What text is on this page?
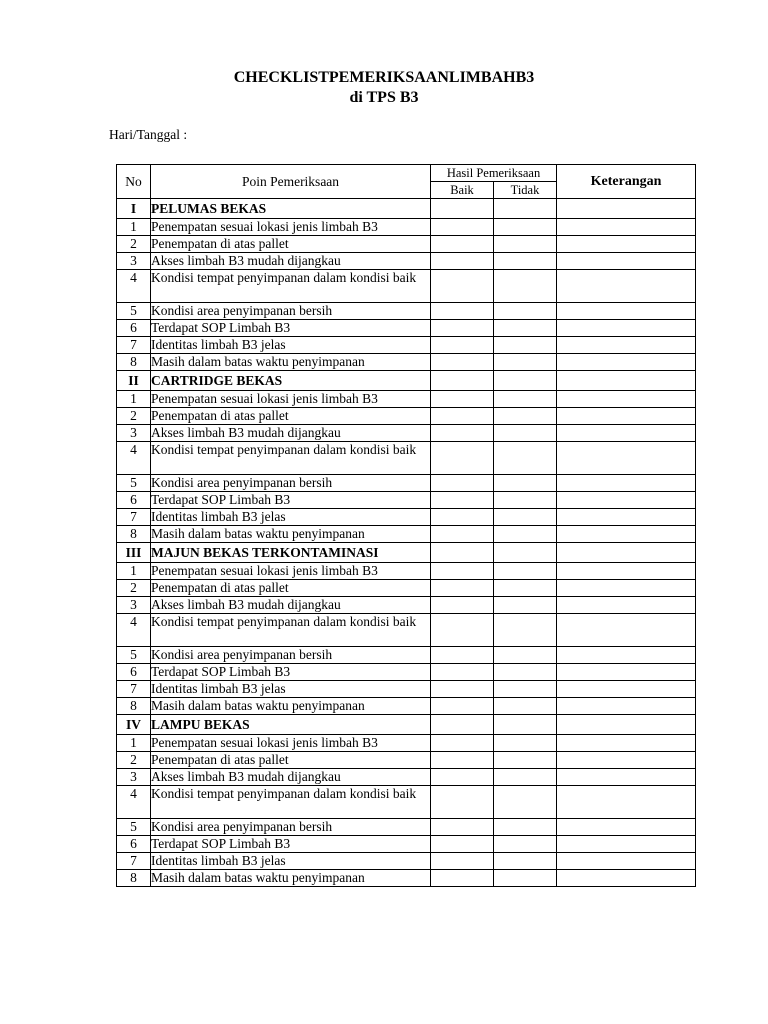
CHECKLISTPEMERIKSAANLIMBAHB3
di TPS B3
Hari/Tanggal :
No	Poin Pemeriksaan	Hasil Pemeriksaan		Keterangan
		Baik	Tidak	
I	PELUMAS BEKAS			
1	Penempatan sesuai lokasi jenis limbah B3			
2	Penempatan di atas pallet			
3	Akses limbah B3 mudah dijangkau			
4	Kondisi tempat penyimpanan dalam kondisi baik			
5	Kondisi area penyimpanan bersih			
6	Terdapat SOP Limbah B3			
7	Identitas limbah B3 jelas			
8	Masih dalam batas waktu penyimpanan			
II	CARTRIDGE BEKAS			
1	Penempatan sesuai lokasi jenis limbah B3			
2	Penempatan di atas pallet			
3	Akses limbah B3 mudah dijangkau			
4	Kondisi tempat penyimpanan dalam kondisi baik			
5	Kondisi area penyimpanan bersih			
6	Terdapat SOP Limbah B3			
7	Identitas limbah B3 jelas			
8	Masih dalam batas waktu penyimpanan			
III	MAJUN BEKAS TERKONTAMINASI			
1	Penempatan sesuai lokasi jenis limbah B3			
2	Penempatan di atas pallet			
3	Akses limbah B3 mudah dijangkau			
4	Kondisi tempat penyimpanan dalam kondisi baik			
5	Kondisi area penyimpanan bersih			
6	Terdapat SOP Limbah B3			
7	Identitas limbah B3 jelas			
8	Masih dalam batas waktu penyimpanan			
IV	LAMPU BEKAS			
1	Penempatan sesuai lokasi jenis limbah B3			
2	Penempatan di atas pallet			
3	Akses limbah B3 mudah dijangkau			
4	Kondisi tempat penyimpanan dalam kondisi baik			
5	Kondisi area penyimpanan bersih			
6	Terdapat SOP Limbah B3			
7	Identitas limbah B3 jelas			
8	Masih dalam batas waktu penyimpanan			
